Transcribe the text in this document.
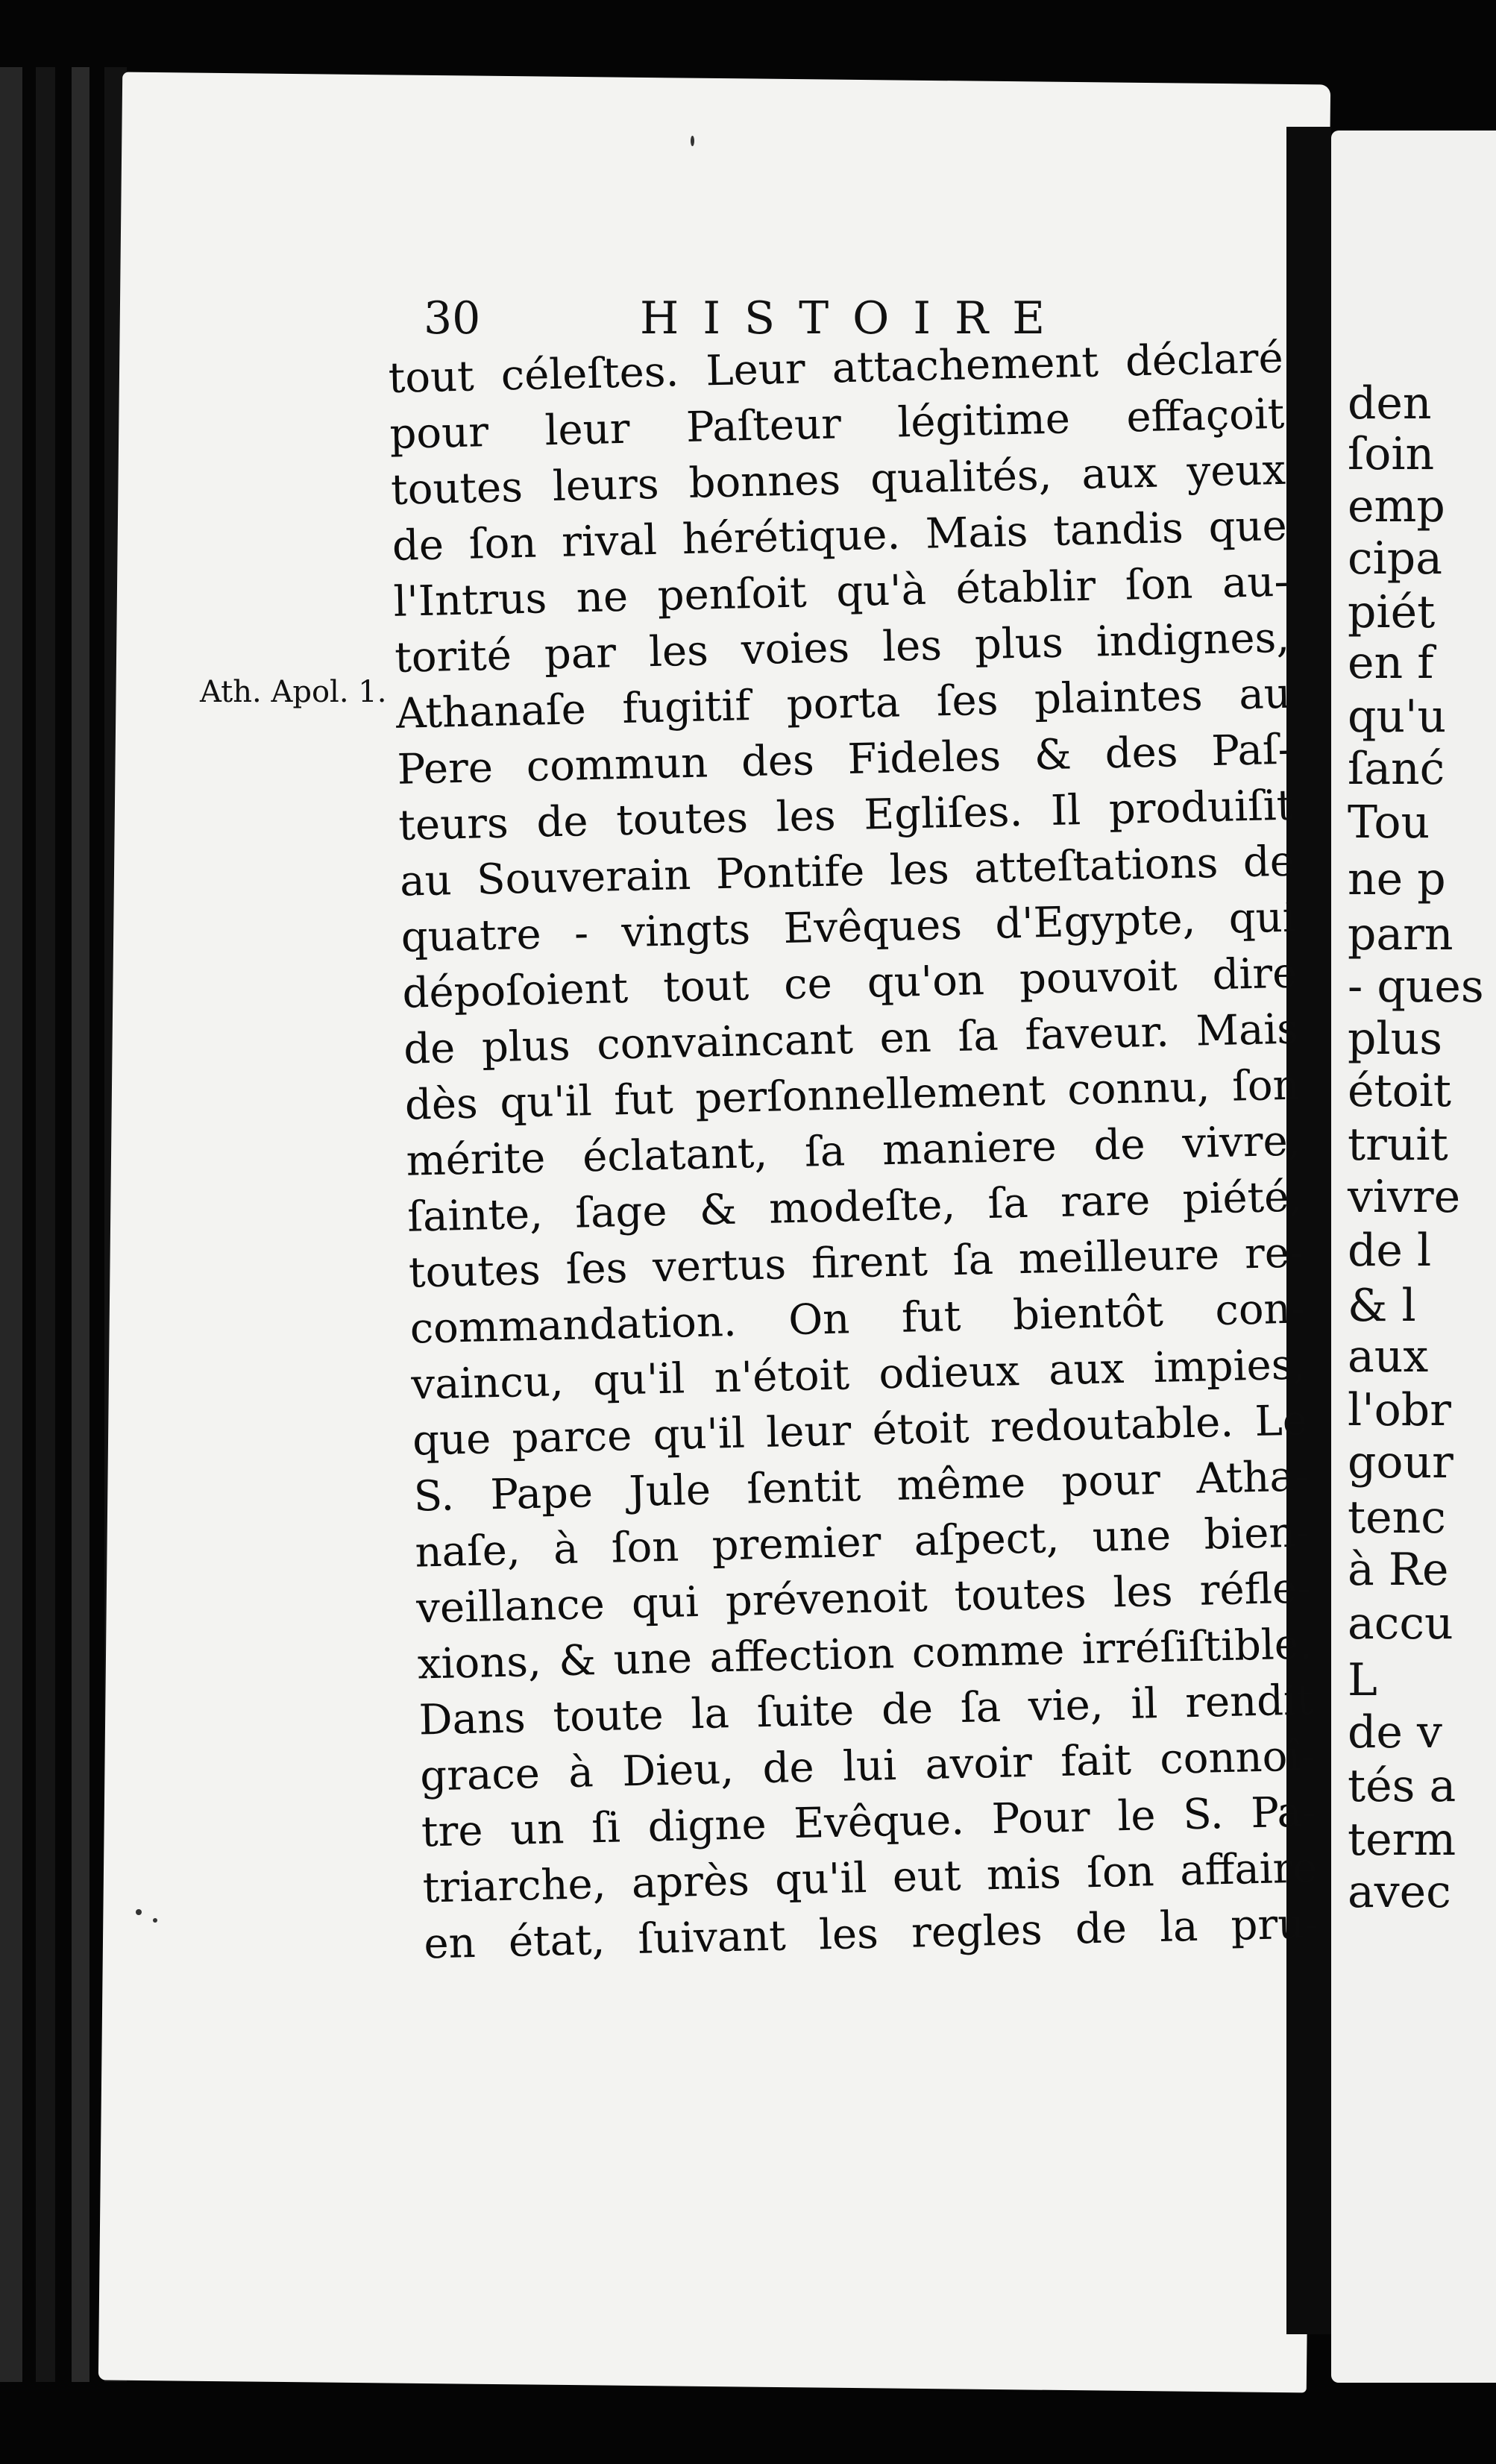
den
ſoin
emp
cipa
piét
en f
qu'u
ſanć
Tou
ne p
parn
- ques
plus
étoit
truit
vivre
de l
& l
aux
l'obr
gour
tenc
à Re
accu
L
de v
tés a
term
avec
30	HISTOIRE
Ath. Apol. 1.
tout céleſtes. Leur attachement déclaré
pour leur Paſteur légitime effaçoit
toutes leurs bonnes qualités, aux yeux
de ſon rival hérétique. Mais tandis que
l'Intrus ne penſoit qu'à établir ſon au-
torité par les voies les plus indignes,
Athanaſe fugitif porta ſes plaintes au
Pere commun des Fideles & des Paſ-
teurs de toutes les Egliſes. Il produiſit
au Souverain Pontife les atteſtations de
quatre - vingts Evêques d'Egypte, qui
dépoſoient tout ce qu'on pouvoit dire
de plus convaincant en ſa faveur. Mais
dès qu'il fut perſonnellement connu, ſon
mérite éclatant, ſa maniere de vivre,
ſainte, ſage & modeſte, ſa rare piété,
toutes ſes vertus firent ſa meilleure re-
commandation. On fut bientôt con-
vaincu, qu'il n'étoit odieux aux impies,
que parce qu'il leur étoit redoutable. Le
S. Pape Jule ſentit même pour Atha-
naſe, à ſon premier aſpect, une bien-
veillance qui prévenoit toutes les réfle-
xions, & une affection comme irréſiſtible.
Dans toute la ſuite de ſa vie, il rendit
grace à Dieu, de lui avoir fait connoî-
tre un ſi digne Evêque. Pour le S. Pa-
triarche, après qu'il eut mis ſon affaire
en état, ſuivant les regles de la pru-
